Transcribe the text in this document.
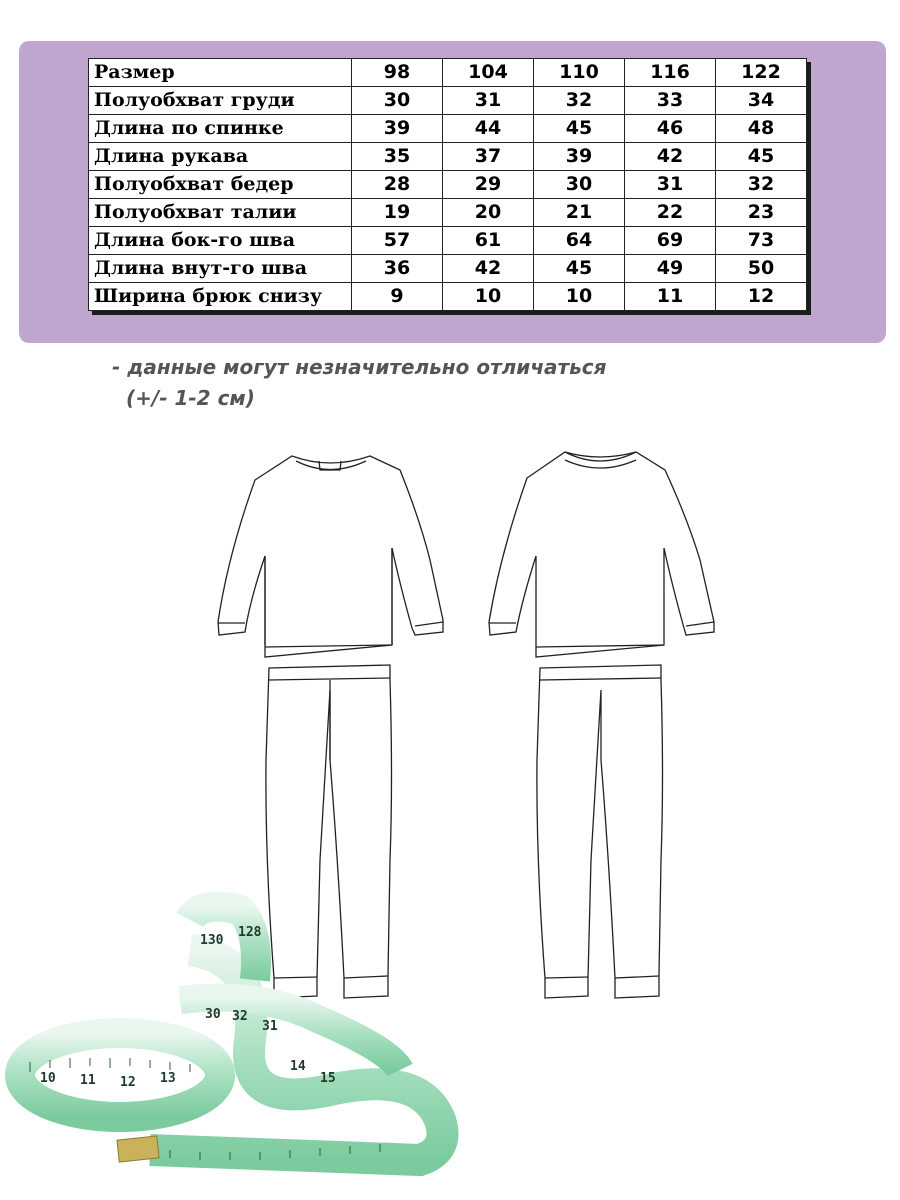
Размер	98	104	110	116	122
Полуобхват груди	30	31	32	33	34
Длина по спинке	39	44	45	46	48
Длина рукава	35	37	39	42	45
Полуобхват бедер	28	29	30	31	32
Полуобхват талии	19	20	21	22	23
Длина бок-го шва	57	61	64	69	73
Длина внут-го шва	36	42	45	49	50
Ширина брюк снизу	9	10	10	11	12
- данные могут незначительно отличаться
(+/- 1-2 см)
10 11 12 13
30
31
32
130
128
15
14
